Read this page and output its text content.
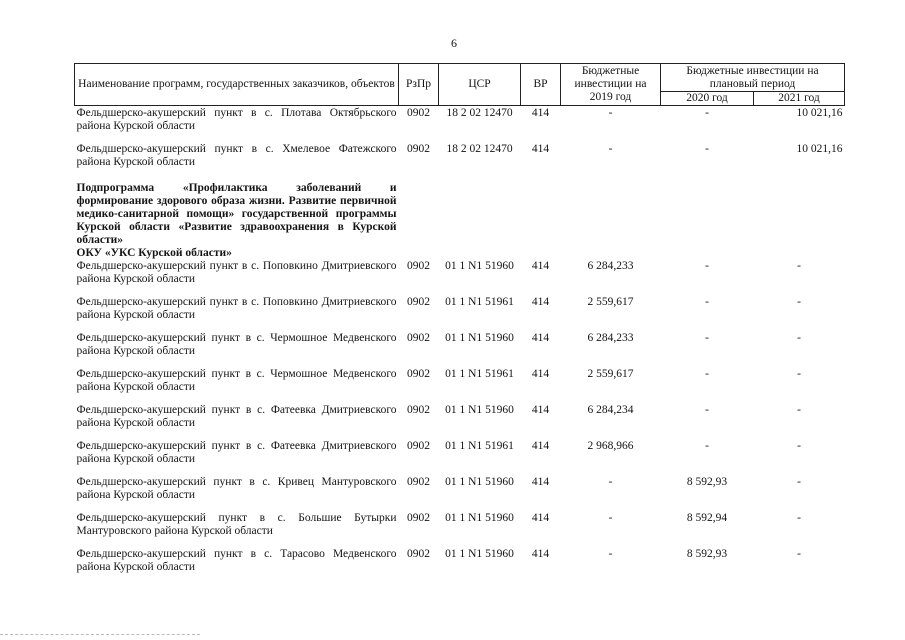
6
Наименование программ, государственных заказчиков, объектов	РзПр	ЦСР	ВР	Бюджетные инвестиции на 2019 год	Бюджетные инвестиции на плановый период	
					2020 год	2021 год
Фельдшерско-акушерский пункт в с. Плотава Октябрьского района Курской области	0902	18 2 02 12470	414	-	-	10 021,16
Фельдшерско-акушерский пункт в с. Хмелевое Фатежского района Курской области	0902	18 2 02 12470	414	-	-	10 021,16
Подпрограмма «Профилактика заболеваний и формирование здорового образа жизни. Развитие первичной медико-санитарной помощи» государственной программы Курской области «Развитие здравоохранения в Курской области»						
ОКУ «УКС Курской области»						
Фельдшерско-акушерский пункт в с. Поповкино Дмитриевского района Курской области	0902	01 1 N1 51960	414	6 284,233	-	-
Фельдшерско-акушерский пункт в с. Поповкино Дмитриевского района Курской области	0902	01 1 N1 51961	414	2 559,617	-	-
Фельдшерско-акушерский пункт в с. Чермошное Медвенского района Курской области	0902	01 1 N1 51960	414	6 284,233	-	-
Фельдшерско-акушерский пункт в с. Чермошное Медвенского района Курской области	0902	01 1 N1 51961	414	2 559,617	-	-
Фельдшерско-акушерский пункт в с. Фатеевка Дмитриевского района Курской области	0902	01 1 N1 51960	414	6 284,234	-	-
Фельдшерско-акушерский пункт в с. Фатеевка Дмитриевского района Курской области	0902	01 1 N1 51961	414	2 968,966	-	-
Фельдшерско-акушерский пункт в с. Кривец Мантуровского района Курской области	0902	01 1 N1 51960	414	-	8 592,93	-
Фельдшерско-акушерский пункт в с. Большие Бутырки Мантуровского района Курской области	0902	01 1 N1 51960	414	-	8 592,94	-
Фельдшерско-акушерский пункт в с. Тарасово Медвенского района Курской области	0902	01 1 N1 51960	414	-	8 592,93	-
